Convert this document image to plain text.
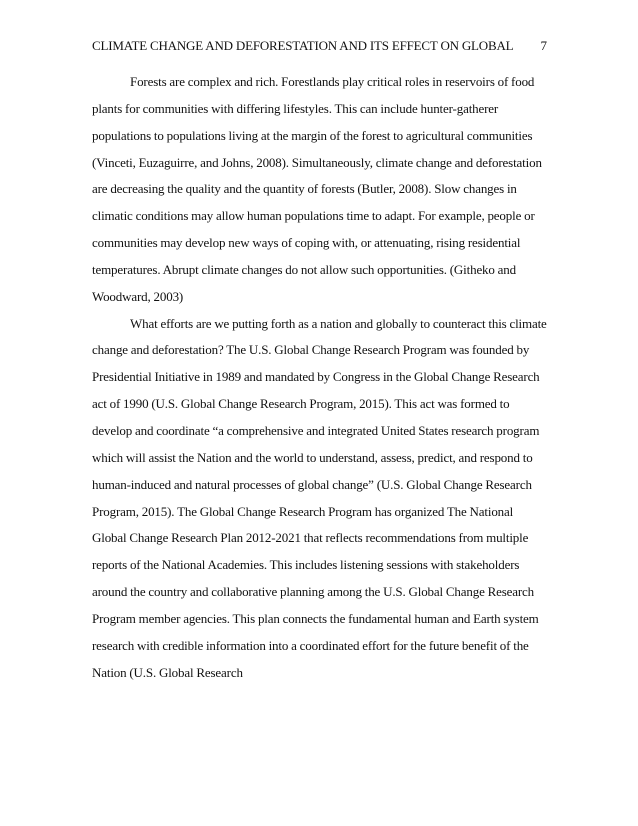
CLIMATE CHANGE AND DEFORESTATION AND ITS EFFECT ON GLOBAL 7

Forests are complex and rich. Forestlands play critical roles in reservoirs of food plants for communities with differing lifestyles. This can include hunter-gatherer populations to populations living at the margin of the forest to agricultural communities (Vinceti, Euzaguirre, and Johns, 2008). Simultaneously, climate change and deforestation are decreasing the quality and the quantity of forests (Butler, 2008). Slow changes in climatic conditions may allow human populations time to adapt. For example, people or communities may develop new ways of coping with, or attenuating, rising residential temperatures. Abrupt climate changes do not allow such opportunities. (Githeko and Woodward, 2003)

What efforts are we putting forth as a nation and globally to counteract this climate change and deforestation? The U.S. Global Change Research Program was founded by Presidential Initiative in 1989 and mandated by Congress in the Global Change Research act of 1990 (U.S. Global Change Research Program, 2015). This act was formed to develop and coordinate “a comprehensive and integrated United States research program which will assist the Nation and the world to understand, assess, predict, and respond to human-induced and natural processes of global change” (U.S. Global Change Research Program, 2015). The Global Change Research Program has organized The National Global Change Research Plan 2012-2021 that reflects recommendations from multiple reports of the National Academies. This includes listening sessions with stakeholders around the country and collaborative planning among the U.S. Global Change Research Program member agencies. This plan connects the fundamental human and Earth system research with credible information into a coordinated effort for the future benefit of the Nation (U.S. Global Research
